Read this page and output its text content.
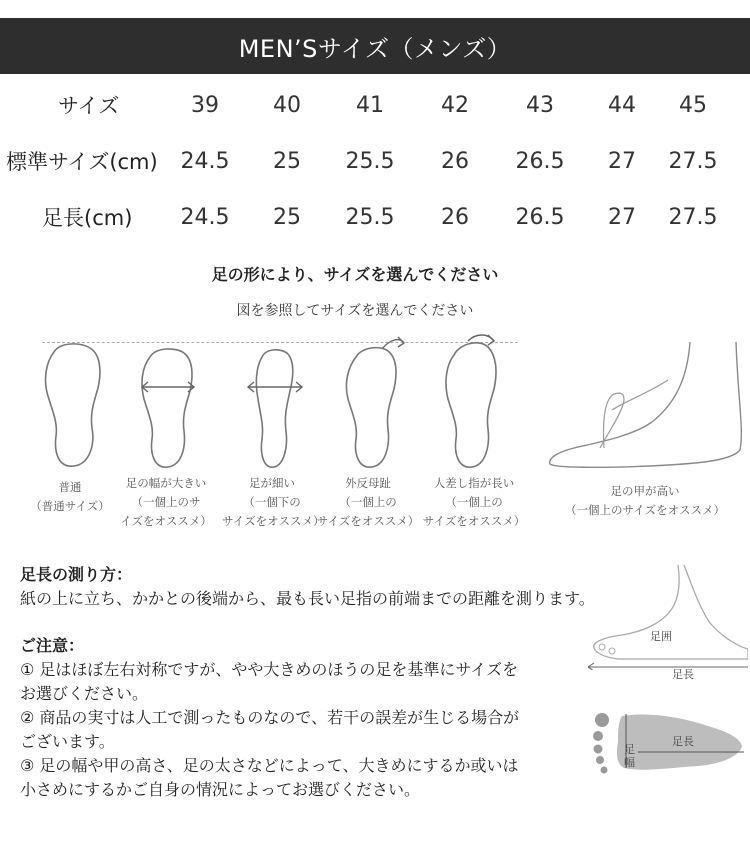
MEN’Sサイズ（メンズ）
サイズ	39	40	41	42	43	44	45
標準サイズ(cm)	24.5	25	25.5	26	26.5	27	27.5
足長(cm)	24.5	25	25.5	26	26.5	27	27.5
足の形により、サイズを選んでください
図を参照してサイズを選んでください
普通
（普通サイズ）
足の幅が大きい
（一個上のサ
イズをオススメ）
足が細い
（一個下の
サイズをオススメ）
外反母趾
（一個上の
サイズをオススメ）
人差し指が長い
（一個上の
サイズをオススメ）
足の甲が高い
（一個上のサイズをオススメ）
足長の測り方：
紙の上に立ち、かかとの後端から、最も長い足指の前端までの距離を測ります。
ご注意：
① 足はほぼ左右対称ですが、やや大きめのほうの足を基準にサイズを
お選びください。
② 商品の実寸は人工で測ったものなので、若干の誤差が生じる場合が
ございます。
③ 足の幅や甲の高さ、足の太さなどによって、大きめにするか或いは
小さめにするかご自身の情況によってお選びください。
足囲
足長
足幅
足長
